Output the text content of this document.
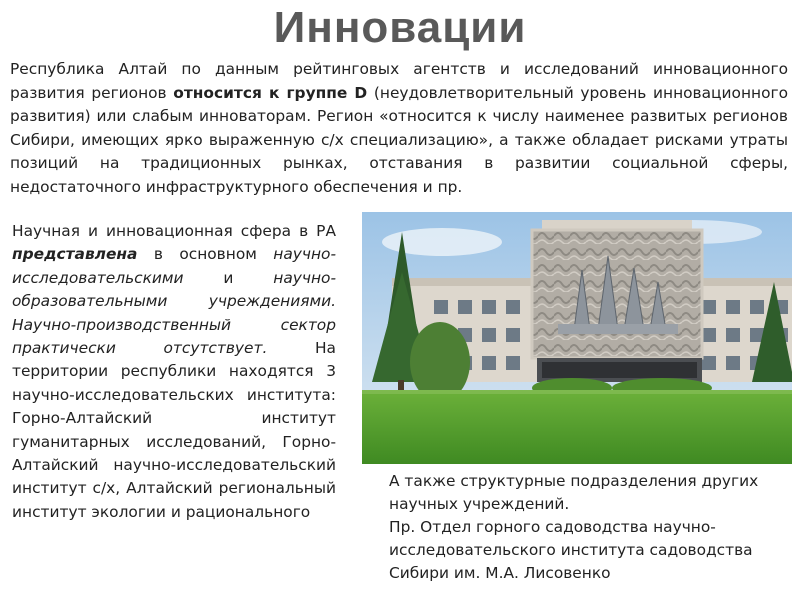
Инновации

Республика Алтай по данным рейтинговых агентств и исследований инновационного развития регионов относится к группе D (неудовлетворительный уровень инновационного развития) или слабым инноваторам. Регион «относится к числу наименее развитых регионов Сибири, имеющих ярко выраженную с/х специализацию», а также обладает рисками утраты позиций на традиционных рынках, отставания в развитии социальной сферы, недостаточного инфраструктурного обеспечения и пр.

Научная и инновационная сфера в РА представлена в основном научно-исследовательскими и научно-образовательными учреждениями. Научно-производственный сектор практически отсутствует. На территории республики находятся 3 научно-исследовательских института: Горно-Алтайский институт гуманитарных исследований, Горно-Алтайский научно-исследовательский институт с/х, Алтайский региональный институт экологии и рационального

А также структурные подразделения других научных учреждений.

Пр. Отдел горного садоводства научно-исследовательского института садоводства Сибири им. М.А. Лисовенко
